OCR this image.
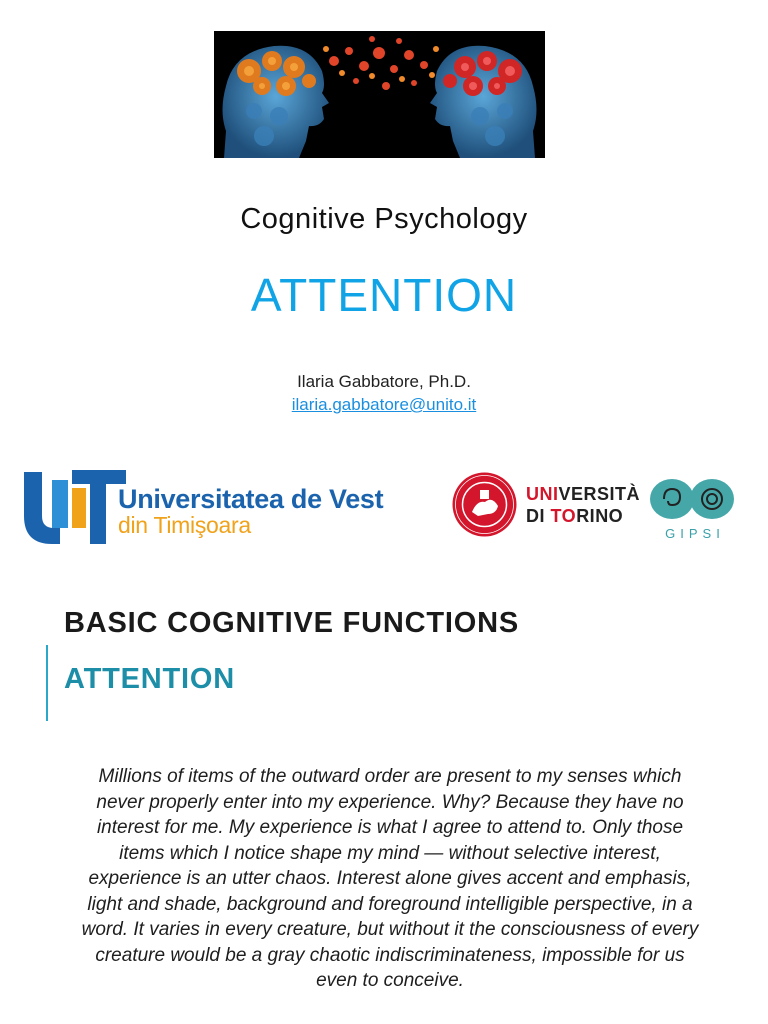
Cognitive Psychology
ATTENTION
Ilaria Gabbatore, Ph.D.
ilaria.gabbatore@unito.it
Universitatea de Vest
din Timişoara
UNIVERSITÀ
DI TORINO
GIPSI
BASIC COGNITIVE FUNCTIONS
ATTENTION
Millions of items of the outward order are present to my senses which never properly enter into my experience. Why? Because they have no interest for me. My experience is what I agree to attend to. Only those items which I notice shape my mind — without selective interest, experience is an utter chaos. Interest alone gives accent and emphasis, light and shade, background and foreground intelligible perspective, in a word. It varies in every creature, but without it the consciousness of every creature would be a gray chaotic indiscriminateness, impossible for us even to conceive.
